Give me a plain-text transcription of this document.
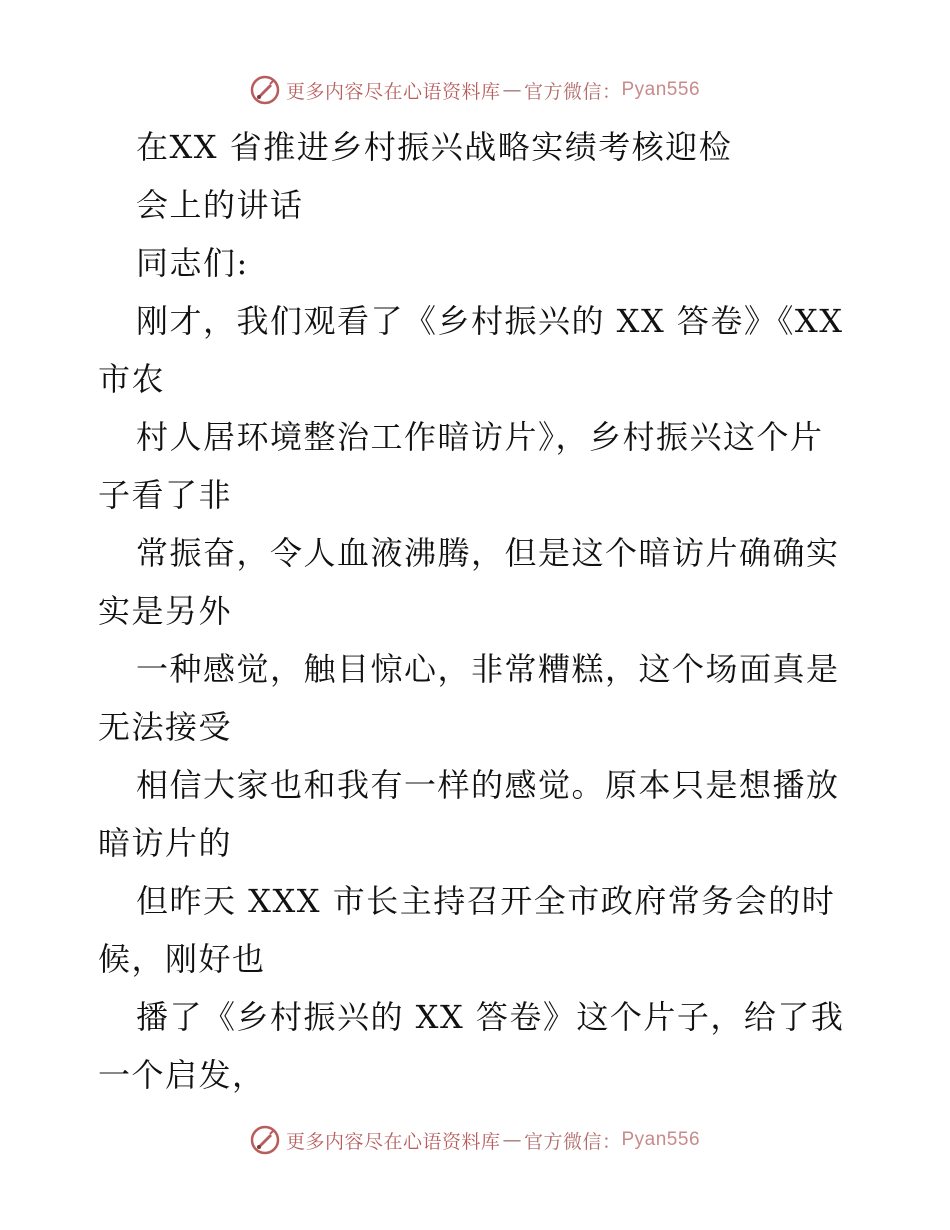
更多内容尽在心语资料库 — 官方微信： Pyan556
在XX 省推进乡村振兴战略实绩考核迎检
会上的讲话
同志们:
刚才，我们观看了《乡村振兴的 XX 答卷》《XX
市农
村人居环境整治工作暗访片》，乡村振兴这个片
子看了非
常振奋，令人血液沸腾，但是这个暗访片确确实
实是另外
一种感觉，触目惊心，非常糟糕，这个场面真是
无法接受
相信大家也和我有一样的感觉。原本只是想播放
暗访片的
但昨天 XXX 市长主持召开全市政府常务会的时
候，刚好也
播了《乡村振兴的 XX 答卷》这个片子，给了我
一个启发，
更多内容尽在心语资料库 — 官方微信： Pyan556
